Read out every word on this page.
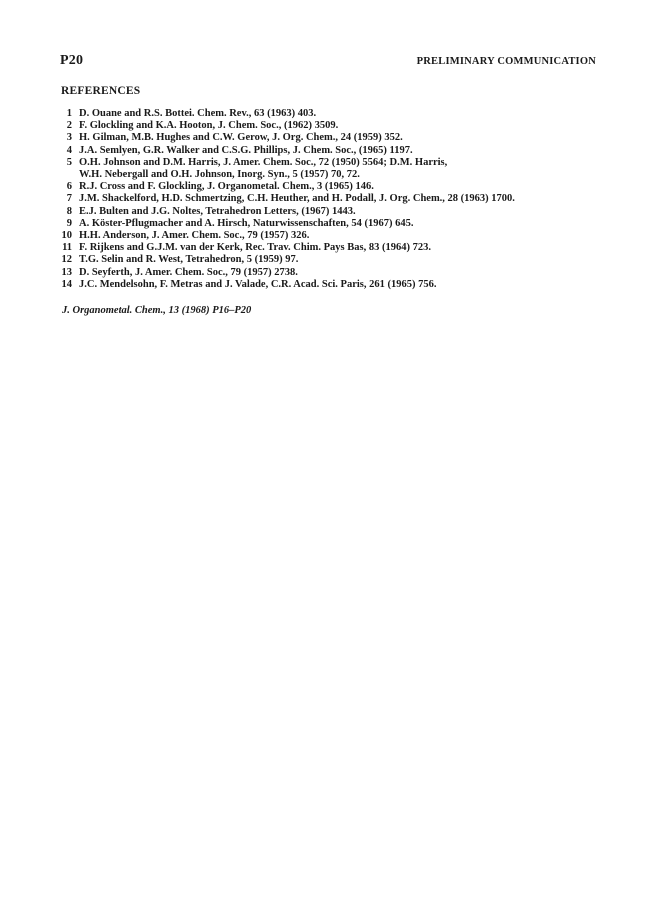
P20	PRELIMINARY COMMUNICATION
REFERENCES
1 D. Ouane and R.S. Bottei. Chem. Rev., 63 (1963) 403.
2 F. Glockling and K.A. Hooton, J. Chem. Soc., (1962) 3509.
3 H. Gilman, M.B. Hughes and C.W. Gerow, J. Org. Chem., 24 (1959) 352.
4 J.A. Semlyen, G.R. Walker and C.S.G. Phillips, J. Chem. Soc., (1965) 1197.
5 O.H. Johnson and D.M. Harris, J. Amer. Chem. Soc., 72 (1950) 5564; D.M. Harris,
W.H. Nebergall and O.H. Johnson, Inorg. Syn., 5 (1957) 70, 72.
6 R.J. Cross and F. Glockling, J. Organometal. Chem., 3 (1965) 146.
7 J.M. Shackelford, H.D. Schmertzing, C.H. Heuther, and H. Podall, J. Org. Chem., 28 (1963) 1700.
8 E.J. Bulten and J.G. Noltes, Tetrahedron Letters, (1967) 1443.
9 A. Köster-Pflugmacher and A. Hirsch, Naturwissenschaften, 54 (1967) 645.
10 H.H. Anderson, J. Amer. Chem. Soc., 79 (1957) 326.
11 F. Rijkens and G.J.M. van der Kerk, Rec. Trav. Chim. Pays Bas, 83 (1964) 723.
12 T.G. Selin and R. West, Tetrahedron, 5 (1959) 97.
13 D. Seyferth, J. Amer. Chem. Soc., 79 (1957) 2738.
14 J.C. Mendelsohn, F. Metras and J. Valade, C.R. Acad. Sci. Paris, 261 (1965) 756.
J. Organometal. Chem., 13 (1968) P16–P20
